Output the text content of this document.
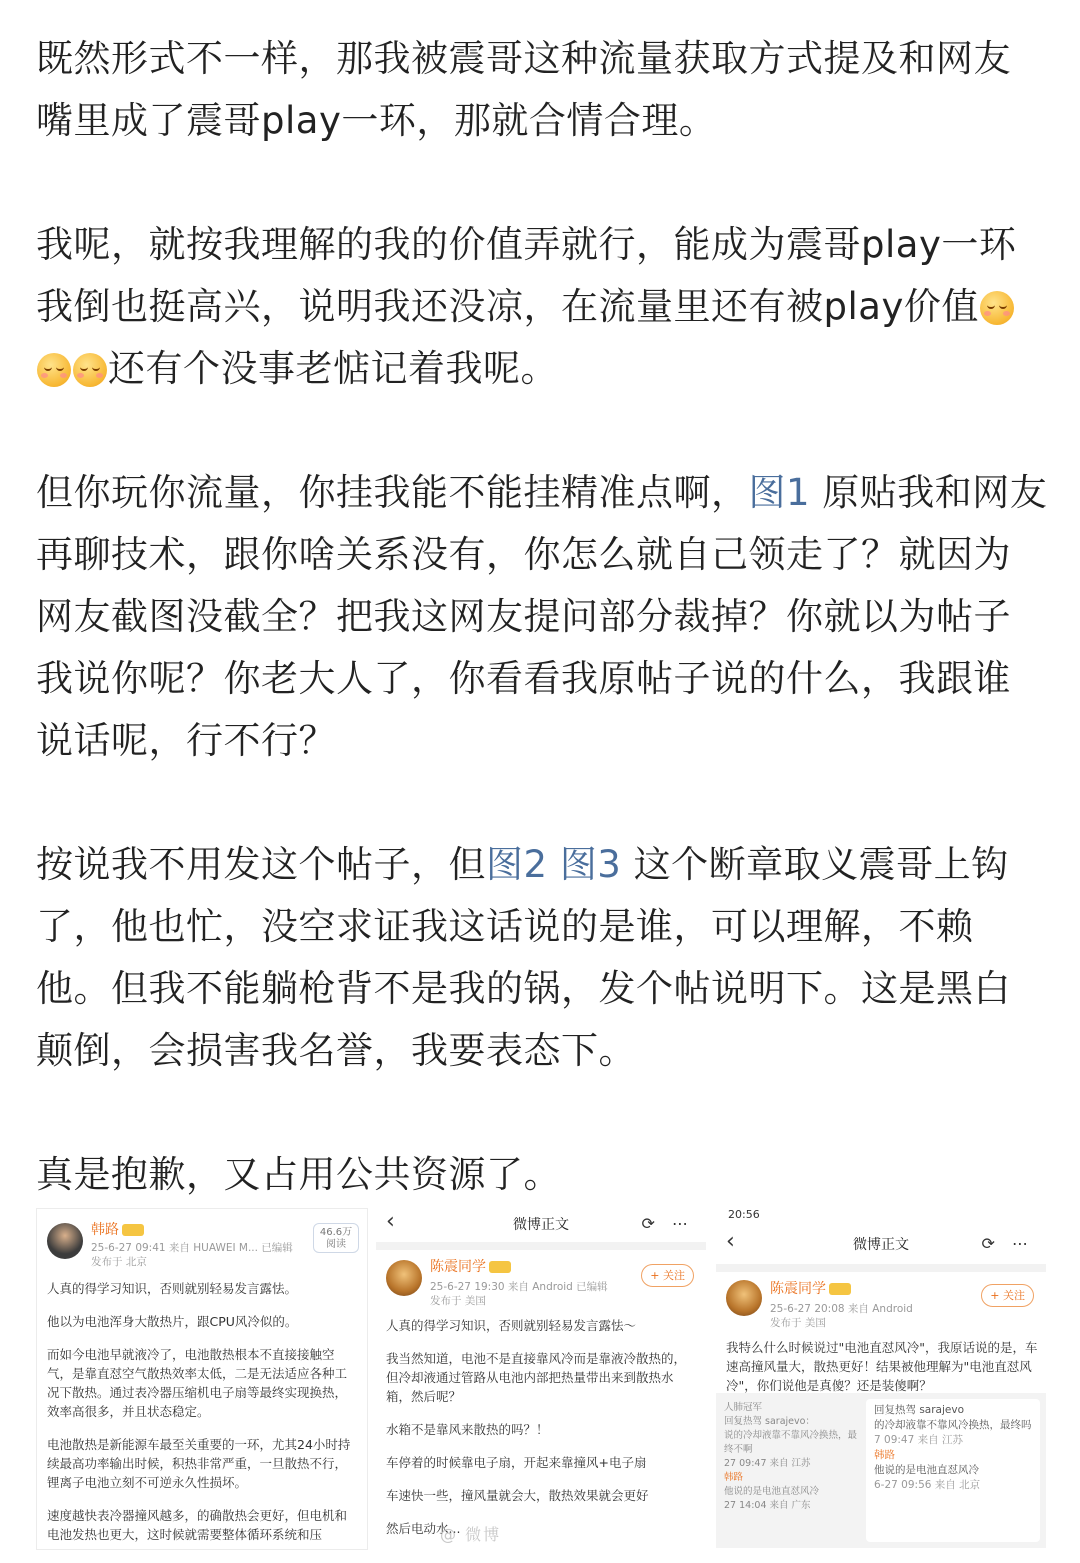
既然形式不一样，那我被震哥这种流量获取方式提及和网友嘴里成了震哥play一环，那就合情合理。

我呢，就按我理解的我的价值弄就行，能成为震哥play一环我倒也挺高兴，说明我还没凉，在流量里还有被play价值
还有个没事老惦记着我呢。

但你玩你流量，你挂我能不能挂精准点啊，图1 原贴我和网友再聊技术，跟你啥关系没有，你怎么就自己领走了？就因为网友截图没截全？把我这网友提问部分裁掉？你就以为帖子我说你呢？你老大人了，你看看我原帖子说的什么，我跟谁说话呢，行不行？

按说我不用发这个帖子，但图2 图3 这个断章取义震哥上钩了，他也忙，没空求证我这话说的是谁，可以理解，不赖他。但我不能躺枪背不是我的锅，发个帖说明下。这是黑白颠倒，会损害我名誉，我要表态下。

真是抱歉，又占用公共资源了。

韩路
25-6-27 09:41 来自 HUAWEI M... 已编辑
发布于 北京
46.6万
阅读

人真的得学习知识，否则就别轻易发言露怯。

他以为电池浑身大散热片，跟CPU风冷似的。

而如今电池早就液冷了，电池散热根本不直接接触空气，是靠直怼空气散热效率太低，二是无法适应各种工况下散热。通过表冷器压缩机电子扇等最终实现换热，效率高很多，并且状态稳定。

电池散热是新能源车最至关重要的一环，尤其24小时持续最高功率输出时候，积热非常严重，一旦散热不行，锂离子电池立刻不可逆永久性损坏。

速度越快表冷器撞风越多，的确散热会更好，但电机和电池发热也更大，这时候就需要整体循环系统和压

‹	微博正文	⟳ ⋯
陈震同学
25-6-27 19:30 来自 Android 已编辑
发布于 美国
+ 关注

人真的得学习知识，否则就别轻易发言露怯～

我当然知道，电池不是直接靠风冷而是靠液冷散热的，但冷却液通过管路从电池内部把热量带出来到散热水箱，然后呢？

水箱不是靠风来散热的吗？！

车停着的时候靠电子扇，开起来靠撞风+电子扇

车速快一些，撞风量就会大，散热效果就会更好

然后电动水...

20:56
‹	微博正文	⟳ ⋯
陈震同学
25-6-27 20:08 来自 Android
发布于 美国
+ 关注

我特么什么时候说过"电池直怼风冷"，我原话说的是，车速高撞风量大，散热更好！结果被他理解为"电池直怼风冷"，你们说他是真傻？还是装傻啊？

人肺冠军
回复热驾 sarajevo：
说的冷却液靠不靠风冷换热，最终不啊
27 09:47 来自 江苏
韩路
他说的是电池直怼风冷
27 14:04 来自 广东
回复热驾 sarajevo
的冷却液靠不靠风冷换热，最终吗
7 09:47 来自 江苏
韩路
他说的是电池直怼风冷
6-27 09:56 来自 北京
@ 微博
